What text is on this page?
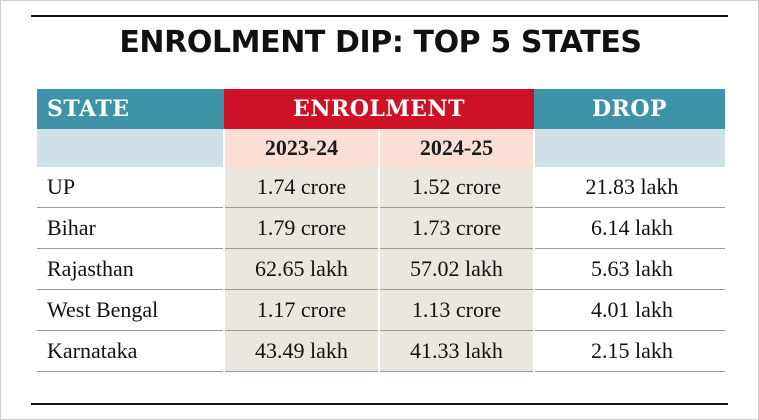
ENROLMENT DIP: TOP 5 STATES
STATE	ENROLMENT		DROP
	2023-24	2024-25	
UP	1.74 crore	1.52 crore	21.83 lakh
Bihar	1.79 crore	1.73 crore	6.14 lakh
Rajasthan	62.65 lakh	57.02 lakh	5.63 lakh
West Bengal	1.17 crore	1.13 crore	4.01 lakh
Karnataka	43.49 lakh	41.33 lakh	2.15 lakh
